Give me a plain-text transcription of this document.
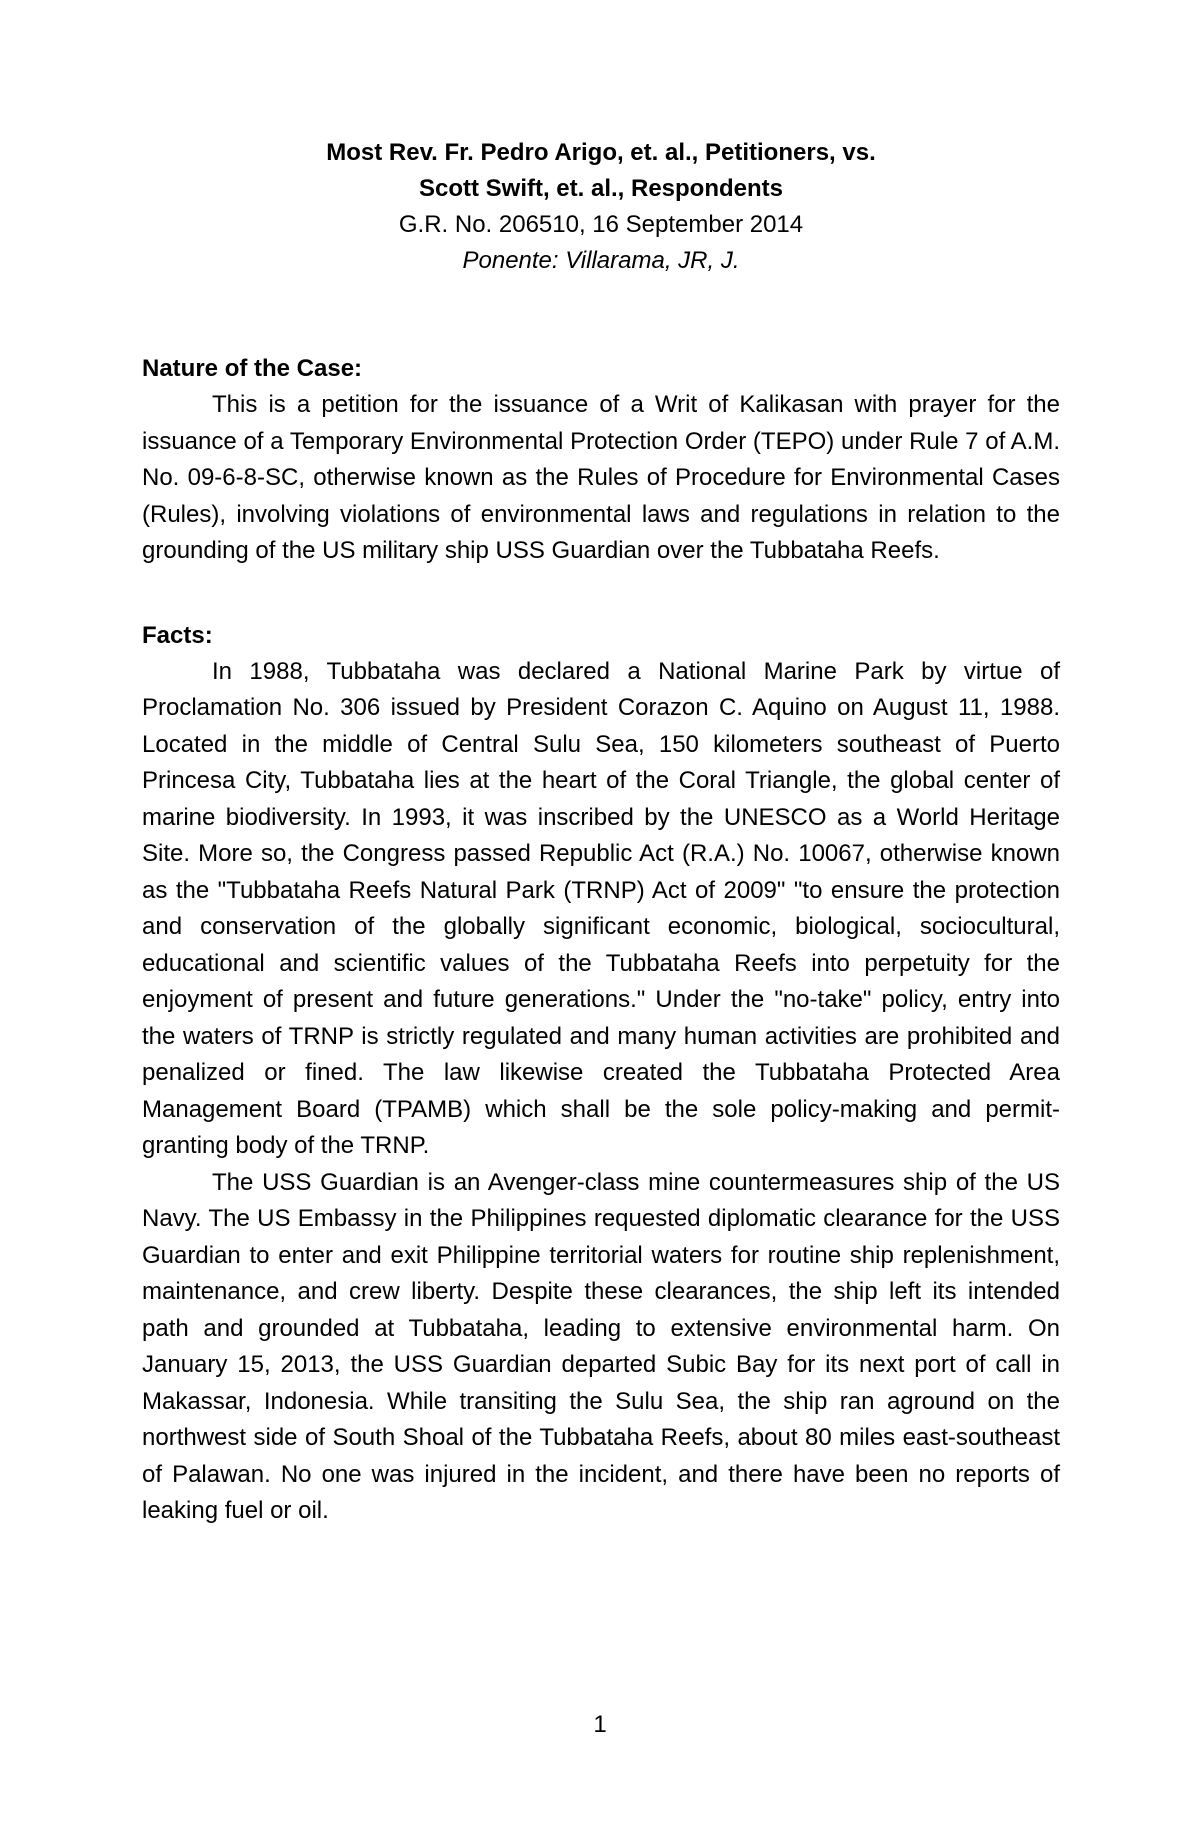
Most Rev. Fr. Pedro Arigo, et. al., Petitioners, vs.
Scott Swift, et. al., Respondents
G.R. No. 206510, 16 September 2014
Ponente: Villarama, JR, J.
Nature of the Case:

This is a petition for the issuance of a Writ of Kalikasan with prayer for the issuance of a Temporary Environmental Protection Order (TEPO) under Rule 7 of A.M. No. 09-6-8-SC, otherwise known as the Rules of Procedure for Environmental Cases (Rules), involving violations of environmental laws and regulations in relation to the grounding of the US military ship USS Guardian over the Tubbataha Reefs.

Facts:

In 1988, Tubbataha was declared a National Marine Park by virtue of Proclamation No. 306 issued by President Corazon C. Aquino on August 11, 1988. Located in the middle of Central Sulu Sea, 150 kilometers southeast of Puerto Princesa City, Tubbataha lies at the heart of the Coral Triangle, the global center of marine biodiversity. In 1993, it was inscribed by the UNESCO as a World Heritage Site. More so, the Congress passed Republic Act (R.A.) No. 10067, otherwise known as the "Tubbataha Reefs Natural Park (TRNP) Act of 2009" "to ensure the protection and conservation of the globally significant economic, biological, sociocultural, educational and scientific values of the Tubbataha Reefs into perpetuity for the enjoyment of present and future generations." Under the "no-take" policy, entry into the waters of TRNP is strictly regulated and many human activities are prohibited and penalized or fined. The law likewise created the Tubbataha Protected Area Management Board (TPAMB) which shall be the sole policy-making and permit-granting body of the TRNP.

The USS Guardian is an Avenger-class mine countermeasures ship of the US Navy. The US Embassy in the Philippines requested diplomatic clearance for the USS Guardian to enter and exit Philippine territorial waters for routine ship replenishment, maintenance, and crew liberty. Despite these clearances, the ship left its intended path and grounded at Tubbataha, leading to extensive environmental harm. On January 15, 2013, the USS Guardian departed Subic Bay for its next port of call in Makassar, Indonesia. While transiting the Sulu Sea, the ship ran aground on the northwest side of South Shoal of the Tubbataha Reefs, about 80 miles east-southeast of Palawan. No one was injured in the incident, and there have been no reports of leaking fuel or oil.

1
